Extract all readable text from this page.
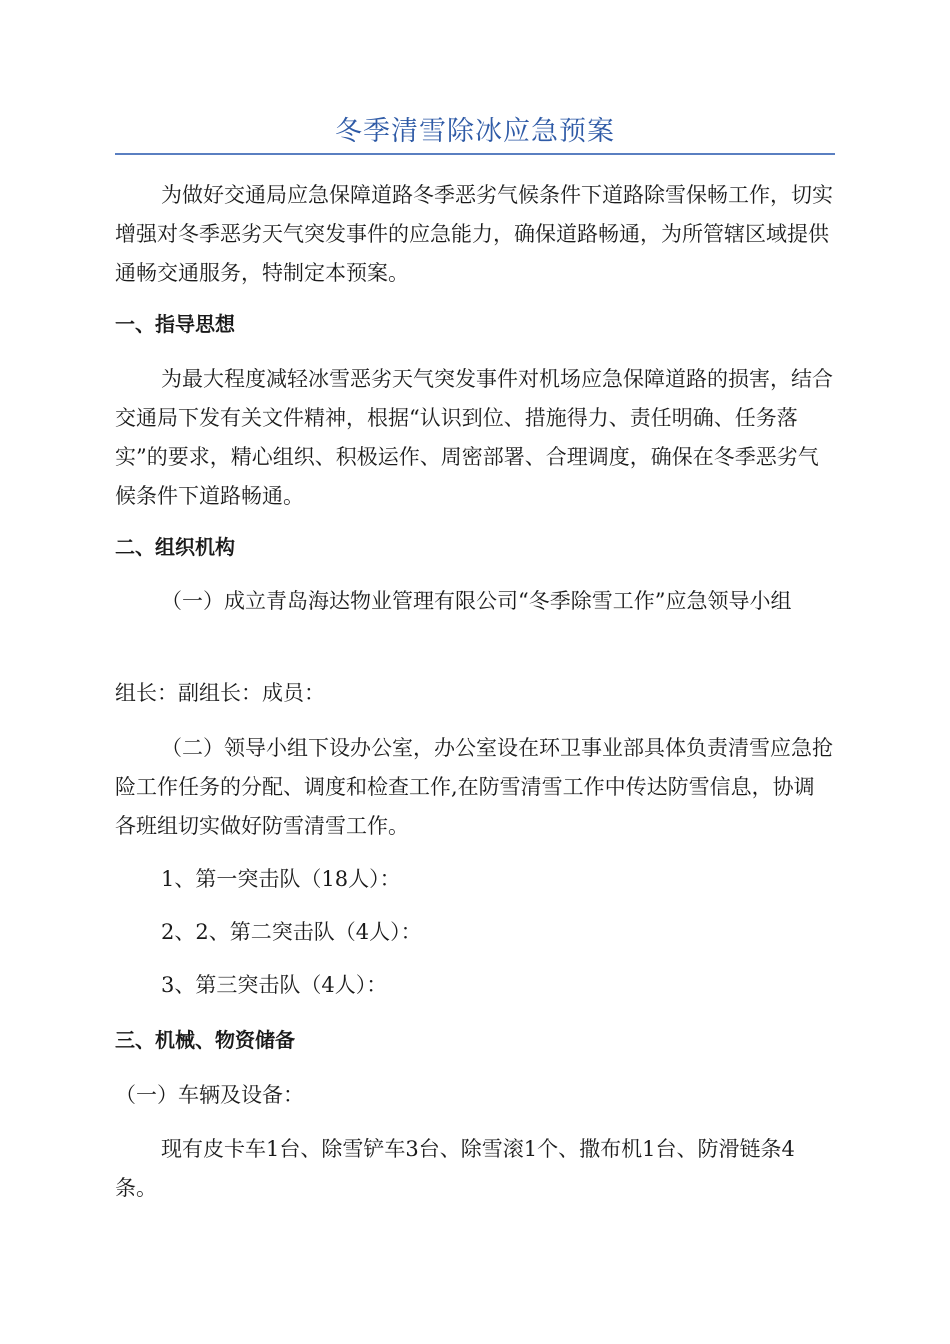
冬季清雪除冰应急预案

为做好交通局应急保障道路冬季恶劣气候条件下道路除雪保畅工作，切实增强对冬季恶劣天气突发事件的应急能力，确保道路畅通，为所管辖区域提供通畅交通服务，特制定本预案。

一、指导思想

为最大程度减轻冰雪恶劣天气突发事件对机场应急保障道路的损害，结合交通局下发有关文件精神，根据“认识到位、措施得力、责任明确、任务落实”的要求，精心组织、积极运作、周密部署、合理调度，确保在冬季恶劣气候条件下道路畅通。

二、组织机构

（一）成立青岛海达物业管理有限公司“冬季除雪工作”应急领导小组

组长：副组长：成员：

（二）领导小组下设办公室，办公室设在环卫事业部具体负责清雪应急抢险工作任务的分配、调度和检查工作,在防雪清雪工作中传达防雪信息，协调各班组切实做好防雪清雪工作。

1、第一突击队（18人）：

2、2、第二突击队（4人）：

3、第三突击队（4人）：

三、机械、物资储备

（一）车辆及设备：

现有皮卡车1台、除雪铲车3台、除雪滚1个、撒布机1台、防滑链条4条。
